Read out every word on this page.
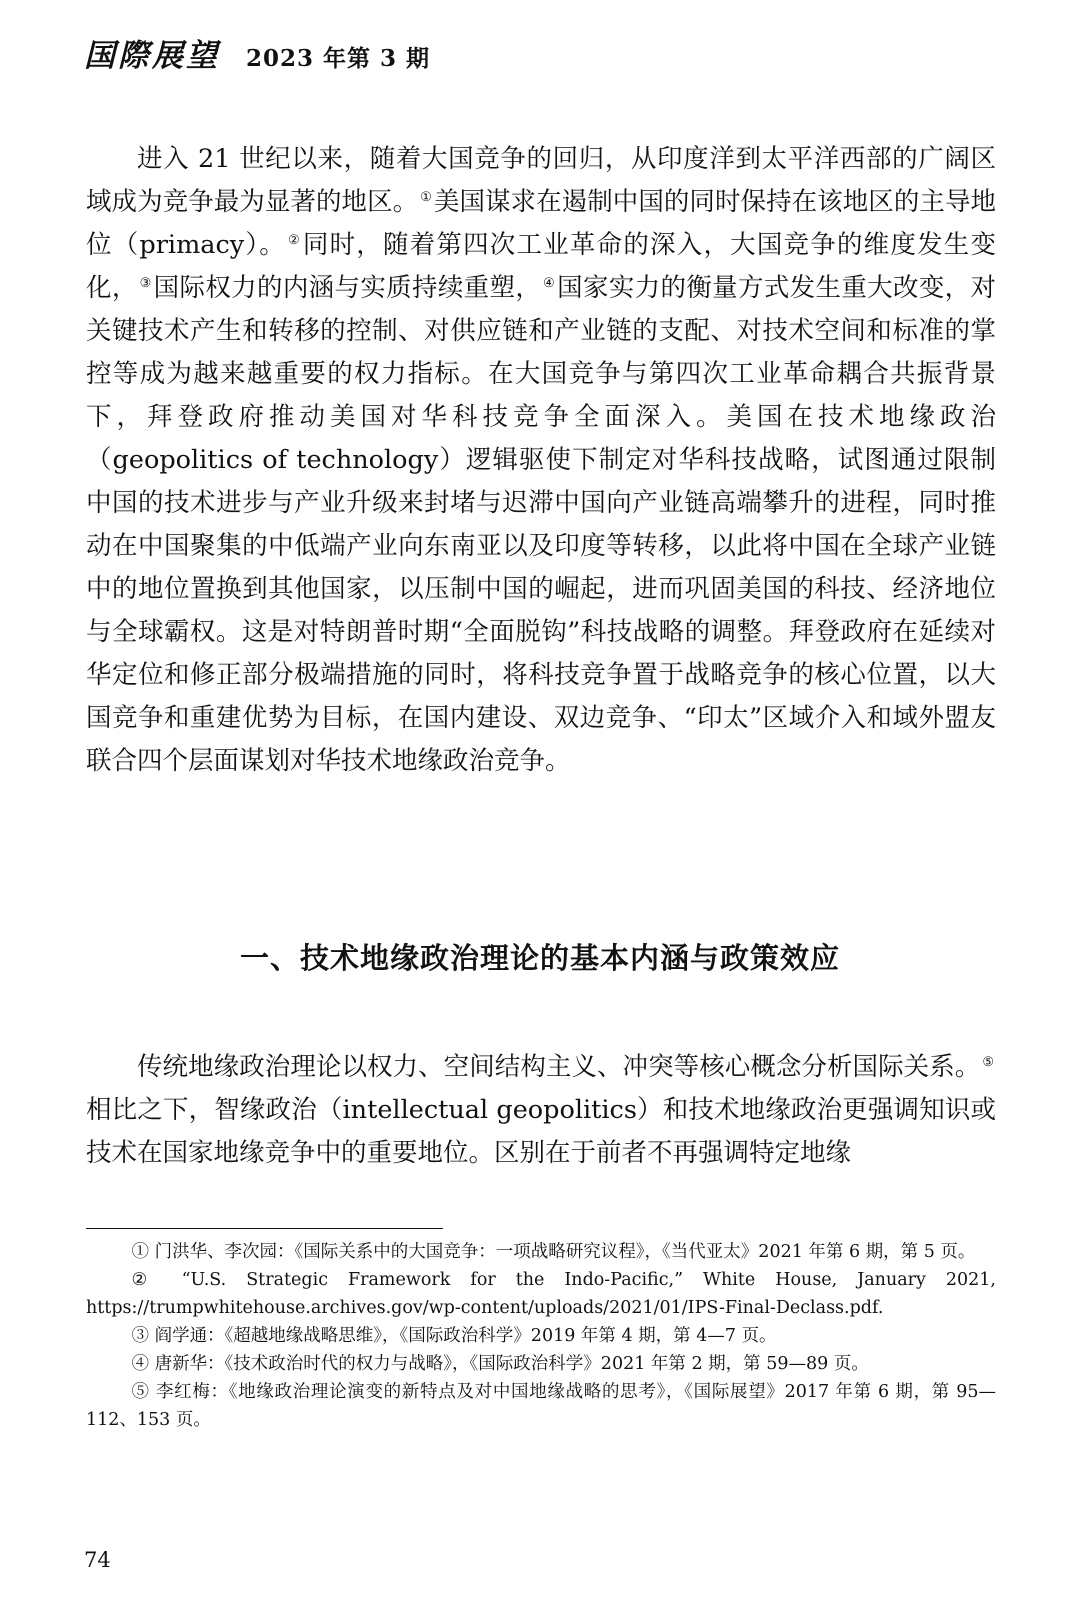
国際展望 2023 年第 3 期

进入 21 世纪以来，随着大国竞争的回归，从印度洋到太平洋西部的广阔区域成为竞争最为显著的地区。 ①美国谋求在遏制中国的同时保持在该地区的主导地位（primacy）。 ②同时，随着第四次工业革命的深入，大国竞争的维度发生变化， ③国际权力的内涵与实质持续重塑， ④国家实力的衡量方式发生重大改变，对关键技术产生和转移的控制、对供应链和产业链的支配、对技术空间和标准的掌控等成为越来越重要的权力指标。在大国竞争与第四次工业革命耦合共振背景下，拜登政府推动美国对华科技竞争全面深入。美国在技术地缘政治（geopolitics of technology）逻辑驱使下制定对华科技战略，试图通过限制中国的技术进步与产业升级来封堵与迟滞中国向产业链高端攀升的进程，同时推动在中国聚集的中低端产业向东南亚以及印度等转移，以此将中国在全球产业链中的地位置换到其他国家，以压制中国的崛起，进而巩固美国的科技、经济地位与全球霸权。这是对特朗普时期“全面脱钩”科技战略的调整。拜登政府在延续对华定位和修正部分极端措施的同时，将科技竞争置于战略竞争的核心位置，以大国竞争和重建优势为目标，在国内建设、双边竞争、“印太”区域介入和域外盟友联合四个层面谋划对华技术地缘政治竞争。

一、技术地缘政治理论的基本内涵与政策效应

传统地缘政治理论以权力、空间结构主义、冲突等核心概念分析国际关系。 ⑤相比之下，智缘政治（intellectual geopolitics）和技术地缘政治更强调知识或技术在国家地缘竞争中的重要地位。区别在于前者不再强调特定地缘

① 门洪华、李次园：《国际关系中的大国竞争：一项战略研究议程》，《当代亚太》2021 年第 6 期，第 5 页。

② “U.S. Strategic Framework for the Indo-Pacific,” White House, January 2021, https://trumpwhitehouse.archives.gov/wp-content/uploads/2021/01/IPS-Final-Declass.pdf.

③ 阎学通：《超越地缘战略思维》，《国际政治科学》2019 年第 4 期，第 4—7 页。

④ 唐新华：《技术政治时代的权力与战略》，《国际政治科学》2021 年第 2 期，第 59—89 页。

⑤ 李红梅：《地缘政治理论演变的新特点及对中国地缘战略的思考》，《国际展望》2017 年第 6 期，第 95—112、153 页。

74
